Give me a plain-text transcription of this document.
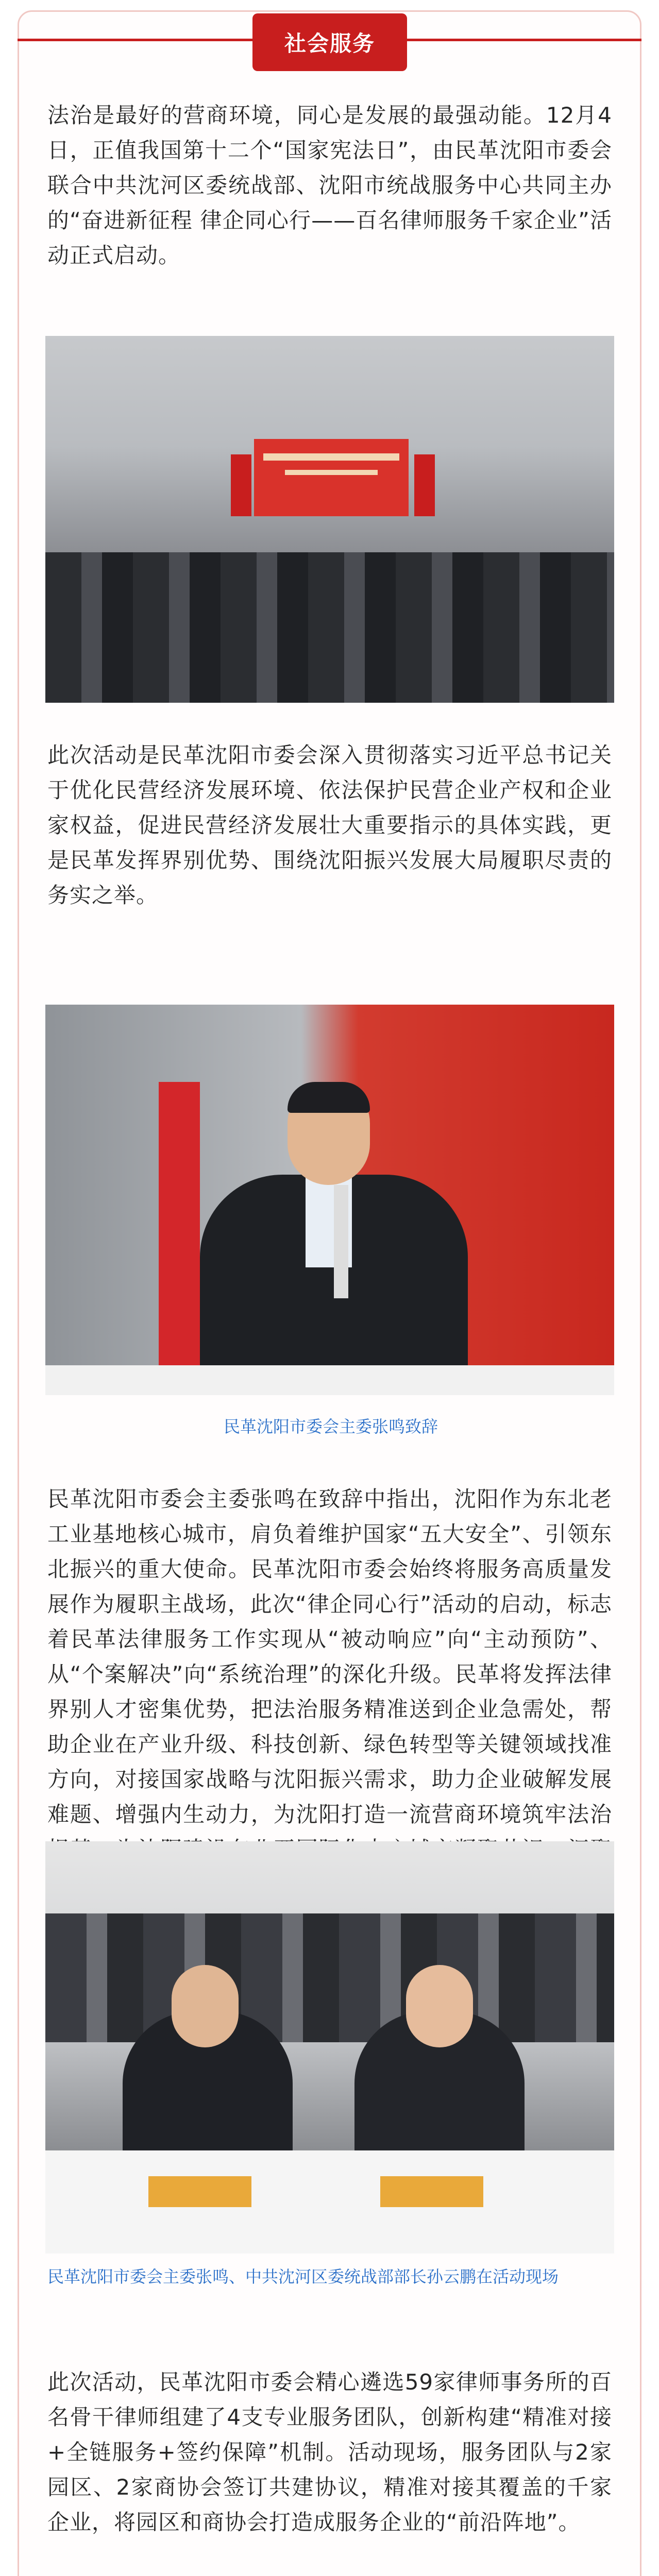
社会服务

法治是最好的营商环境，同心是发展的最强动能。12月4日，正值我国第十二个“国家宪法日”，由民革沈阳市委会联合中共沈河区委统战部、沈阳市统战服务中心共同主办的“奋进新征程 律企同心行——百名律师服务千家企业”活动正式启动。

此次活动是民革沈阳市委会深入贯彻落实习近平总书记关于优化民营经济发展环境、依法保护民营企业产权和企业家权益，促进民营经济发展壮大重要指示的具体实践，更是民革发挥界别优势、围绕沈阳振兴发展大局履职尽责的务实之举。

民革沈阳市委会主委张鸣致辞

民革沈阳市委会主委张鸣在致辞中指出，沈阳作为东北老工业基地核心城市，肩负着维护国家“五大安全”、引领东北振兴的重大使命。民革沈阳市委会始终将服务高质量发展作为履职主战场，此次“律企同心行”活动的启动，标志着民革法律服务工作实现从“被动响应”向“主动预防”、从“个案解决”向“系统治理”的深化升级。民革将发挥法律界别人才密集优势，把法治服务精准送到企业急需处，帮助企业在产业升级、科技创新、绿色转型等关键领域找准方向，对接国家战略与沈阳振兴需求，助力企业破解发展难题、增强内生动力，为沈阳打造一流营商环境筑牢法治

民革沈阳市委会主委张鸣、中共沈河区委统战部部长孙云鹏在活动现场

此次活动，民革沈阳市委会精心遴选59家律师事务所的百名骨干律师组建了4支专业服务团队，创新构建“精准对接+全链服务+签约保障”机制。活动现场，服务团队与2家园区、2家商协会签订共建协议，精准对接其覆盖的千家企业，将园区和商协会打造成服务企业的“前沿阵地”。
